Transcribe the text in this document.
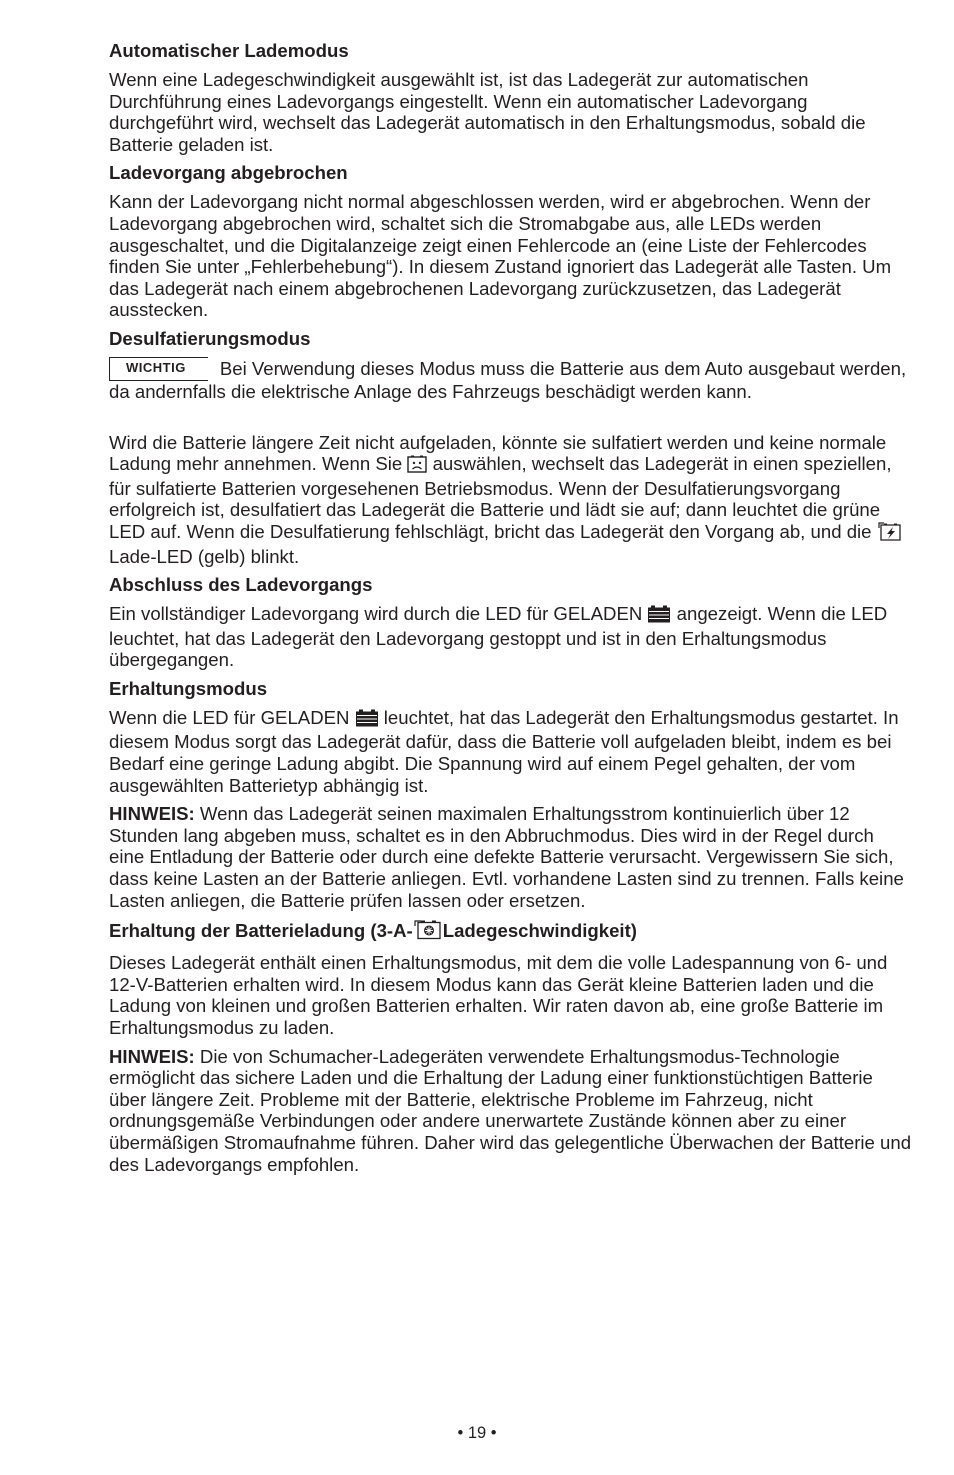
Automatischer Lademodus

Wenn eine Ladegeschwindigkeit ausgewählt ist, ist das Ladegerät zur automatischen Durchführung eines Ladevorgangs eingestellt. Wenn ein automatischer Ladevorgang durchgeführt wird, wechselt das Ladegerät automatisch in den Erhaltungsmodus, sobald die Batterie geladen ist.

Ladevorgang abgebrochen

Kann der Ladevorgang nicht normal abgeschlossen werden, wird er abgebrochen. Wenn der Ladevorgang abgebrochen wird, schaltet sich die Stromabgabe aus, alle LEDs werden ausgeschaltet, und die Digitalanzeige zeigt einen Fehlercode an (eine Liste der Fehlercodes finden Sie unter „Fehlerbehebung“). In diesem Zustand ignoriert das Ladegerät alle Tasten. Um das Ladegerät nach einem abgebrochenen Ladevorgang zurückzusetzen, das Ladegerät ausstecken.

Desulfatierungsmodus

WICHTIG Bei Verwendung dieses Modus muss die Batterie aus dem Auto ausgebaut werden, da andernfalls die elektrische Anlage des Fahrzeugs beschädigt werden kann.

Wird die Batterie längere Zeit nicht aufgeladen, könnte sie sulfatiert werden und keine normale Ladung mehr annehmen. Wenn Sie auswählen, wechselt das Ladegerät in einen speziellen, für sulfatierte Batterien vorgesehenen Betriebsmodus. Wenn der Desulfatierungsvorgang erfolgreich ist, desulfatiert das Ladegerät die Batterie und lädt sie auf; dann leuchtet die grüne LED auf. Wenn die Desulfatierung fehlschlägt, bricht das Ladegerät den Vorgang ab, und die  Lade-LED (gelb) blinkt.

Abschluss des Ladevorgangs

Ein vollständiger Ladevorgang wird durch die LED für GELADEN angezeigt. Wenn die LED leuchtet, hat das Ladegerät den Ladevorgang gestoppt und ist in den Erhaltungsmodus übergegangen.

Erhaltungsmodus

Wenn die LED für GELADEN leuchtet, hat das Ladegerät den Erhaltungsmodus gestartet. In diesem Modus sorgt das Ladegerät dafür, dass die Batterie voll aufgeladen bleibt, indem es bei Bedarf eine geringe Ladung abgibt. Die Spannung wird auf einem Pegel gehalten, der vom ausgewählten Batterietyp abhängig ist.

HINWEIS: Wenn das Ladegerät seinen maximalen Erhaltungsstrom kontinuierlich über 12 Stunden lang abgeben muss, schaltet es in den Abbruchmodus. Dies wird in der Regel durch eine Entladung der Batterie oder durch eine defekte Batterie verursacht. Vergewissern Sie sich, dass keine Lasten an der Batterie anliegen. Evtl. vorhandene Lasten sind zu trennen. Falls keine Lasten anliegen, die Batterie prüfen lassen oder ersetzen.

Erhaltung der Batterieladung (3-A- Ladegeschwindigkeit)

Dieses Ladegerät enthält einen Erhaltungsmodus, mit dem die volle Ladespannung von 6- und 12-V-Batterien erhalten wird. In diesem Modus kann das Gerät kleine Batterien laden und die Ladung von kleinen und großen Batterien erhalten. Wir raten davon ab, eine große Batterie im Erhaltungsmodus zu laden.

HINWEIS: Die von Schumacher-Ladegeräten verwendete Erhaltungsmodus-Technologie ermöglicht das sichere Laden und die Erhaltung der Ladung einer funktionstüchtigen Batterie über längere Zeit. Probleme mit der Batterie, elektrische Probleme im Fahrzeug, nicht ordnungsgemäße Verbindungen oder andere unerwartete Zustände können aber zu einer übermäßigen Stromaufnahme führen. Daher wird das gelegentliche Überwachen der Batterie und des Ladevorgangs empfohlen.

• 19 •
